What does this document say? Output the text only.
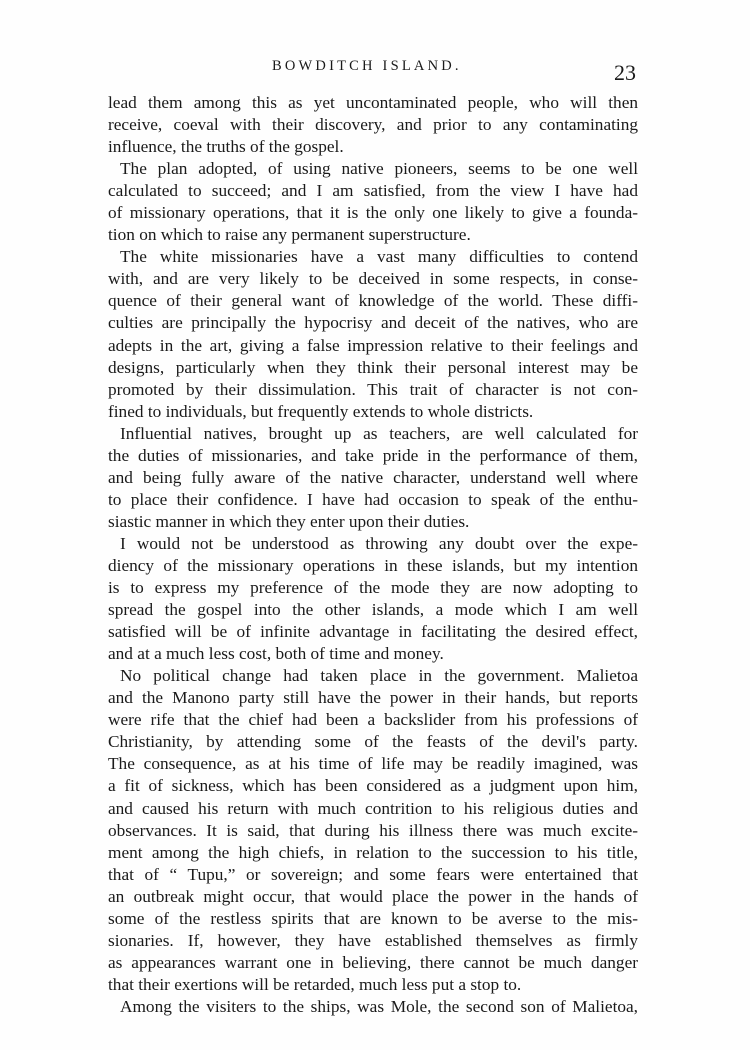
BOWDITCH ISLAND.	23
lead them among this as yet uncontaminated people, who will then
receive, coeval with their discovery, and prior to any contaminating
influence, the truths of the gospel.
The plan adopted, of using native pioneers, seems to be one well
calculated to succeed; and I am satisfied, from the view I have had
of missionary operations, that it is the only one likely to give a founda-
tion on which to raise any permanent superstructure.
The white missionaries have a vast many difficulties to contend
with, and are very likely to be deceived in some respects, in conse-
quence of their general want of knowledge of the world. These diffi-
culties are principally the hypocrisy and deceit of the natives, who are
adepts in the art, giving a false impression relative to their feelings and
designs, particularly when they think their personal interest may be
promoted by their dissimulation. This trait of character is not con-
fined to individuals, but frequently extends to whole districts.
Influential natives, brought up as teachers, are well calculated for
the duties of missionaries, and take pride in the performance of them,
and being fully aware of the native character, understand well where
to place their confidence. I have had occasion to speak of the enthu-
siastic manner in which they enter upon their duties.
I would not be understood as throwing any doubt over the expe-
diency of the missionary operations in these islands, but my intention
is to express my preference of the mode they are now adopting to
spread the gospel into the other islands, a mode which I am well
satisfied will be of infinite advantage in facilitating the desired effect,
and at a much less cost, both of time and money.
No political change had taken place in the government. Malietoa
and the Manono party still have the power in their hands, but reports
were rife that the chief had been a backslider from his professions of
Christianity, by attending some of the feasts of the devil's party.
The consequence, as at his time of life may be readily imagined, was
a fit of sickness, which has been considered as a judgment upon him,
and caused his return with much contrition to his religious duties and
observances. It is said, that during his illness there was much excite-
ment among the high chiefs, in relation to the succession to his title,
that of “ Tupu,” or sovereign; and some fears were entertained that
an outbreak might occur, that would place the power in the hands of
some of the restless spirits that are known to be averse to the mis-
sionaries. If, however, they have established themselves as firmly
as appearances warrant one in believing, there cannot be much danger
that their exertions will be retarded, much less put a stop to.
Among the visiters to the ships, was Mole, the second son of Malietoa,
